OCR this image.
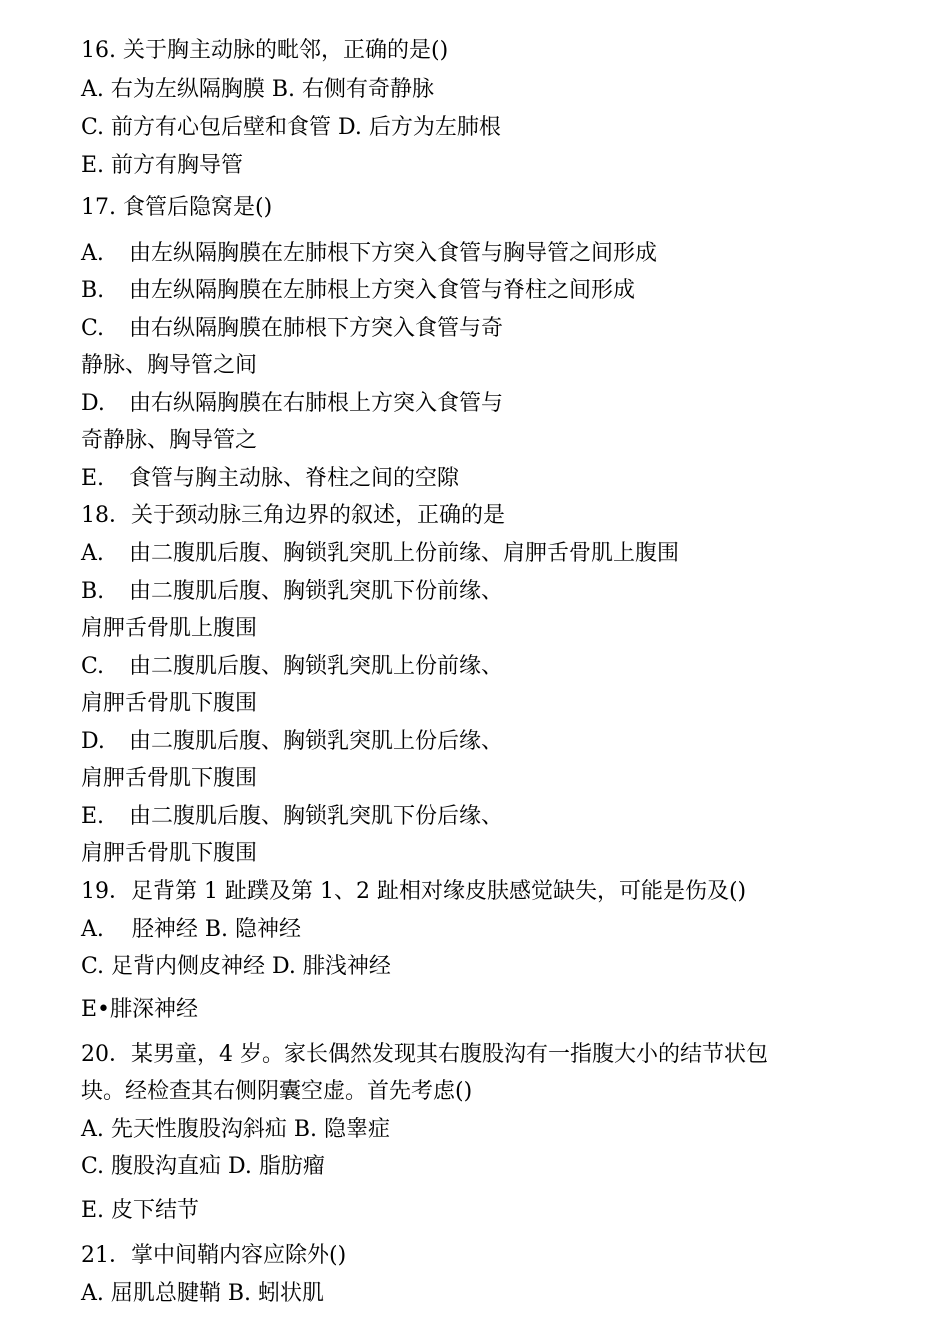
16. 关于胸主动脉的毗邻，正确的是()
A. 右为左纵隔胸膜 B. 右侧有奇静脉
C. 前方有心包后壁和食管 D. 后方为左肺根
E. 前方有胸导管
17. 食管后隐窝是()
A. 由左纵隔胸膜在左肺根下方突入食管与胸导管之间形成
B. 由左纵隔胸膜在左肺根上方突入食管与脊柱之间形成
C. 由右纵隔胸膜在肺根下方突入食管与奇
静脉、胸导管之间
D. 由右纵隔胸膜在右肺根上方突入食管与
奇静脉、胸导管之
E. 食管与胸主动脉、脊柱之间的空隙
18．关于颈动脉三角边界的叙述，正确的是
A. 由二腹肌后腹、胸锁乳突肌上份前缘、肩胛舌骨肌上腹围
B. 由二腹肌后腹、胸锁乳突肌下份前缘、
肩胛舌骨肌上腹围
C. 由二腹肌后腹、胸锁乳突肌上份前缘、
肩胛舌骨肌下腹围
D. 由二腹肌后腹、胸锁乳突肌上份后缘、
肩胛舌骨肌下腹围
E. 由二腹肌后腹、胸锁乳突肌下份后缘、
肩胛舌骨肌下腹围
19．足背第 1 趾蹼及第 1、2 趾相对缘皮肤感觉缺失，可能是伤及()
A.    胫神经 B. 隐神经
C. 足背内侧皮神经 D. 腓浅神经
E•腓深神经
20．某男童，4 岁。家长偶然发现其右腹股沟有一指腹大小的结节状包
块。经检查其右侧阴囊空虚。首先考虑()
A. 先天性腹股沟斜疝 B. 隐睾症
C. 腹股沟直疝 D. 脂肪瘤
E. 皮下结节
21．掌中间鞘内容应除外()
A. 屈肌总腱鞘 B. 蚓状肌
